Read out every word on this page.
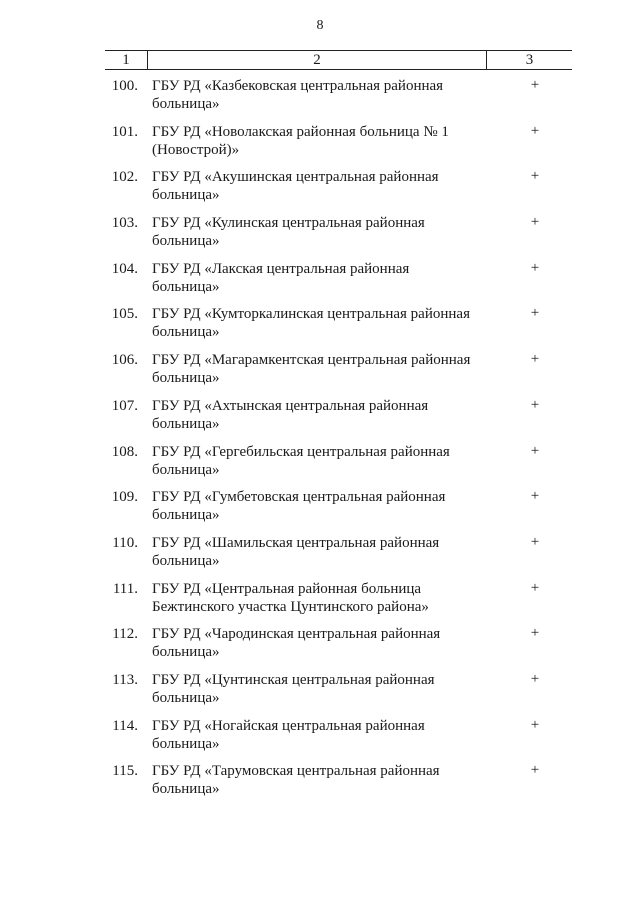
8
1	2	3
100. ГБУ РД «Казбековская центральная районная
больница»
+
101. ГБУ РД «Новолакская районная больница № 1
(Новострой)»
+
102. ГБУ РД «Акушинская центральная районная
больница»
+
103. ГБУ РД «Кулинская центральная районная
больница»
+
104. ГБУ РД «Лакская центральная районная
больница»
+
105. ГБУ РД «Кумторкалинская центральная районная
больница»
+
106. ГБУ РД «Магарамкентская центральная районная
больница»
+
107. ГБУ РД «Ахтынская центральная районная
больница»
+
108. ГБУ РД «Гергебильская центральная районная
больница»
+
109. ГБУ РД «Гумбетовская центральная районная
больница»
+
110. ГБУ РД «Шамильская центральная районная
больница»
+
111. ГБУ РД «Центральная районная больница
Бежтинского участка Цунтинского района»
+
112. ГБУ РД «Чародинская центральная районная
больница»
+
113. ГБУ РД «Цунтинская центральная районная
больница»
+
114. ГБУ РД «Ногайская центральная районная
больница»
+
115. ГБУ РД «Тарумовская центральная районная
больница»
+
